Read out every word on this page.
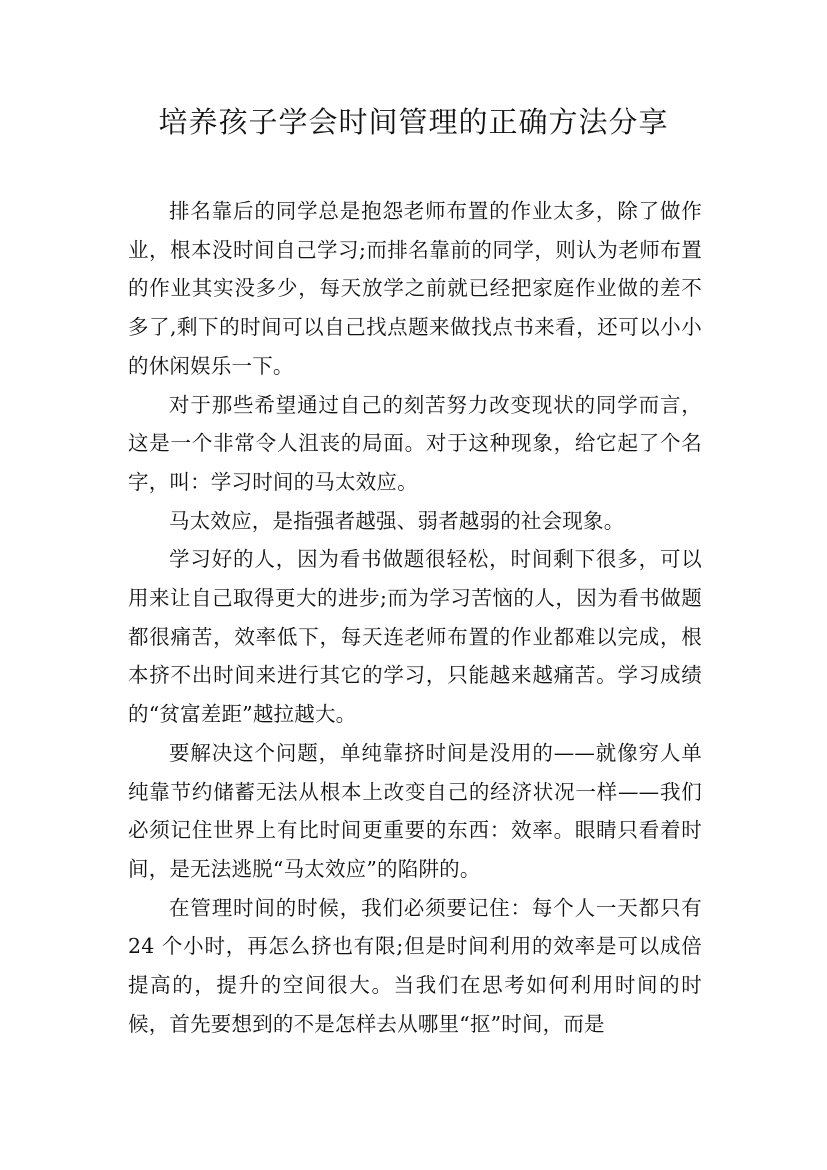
培养孩子学会时间管理的正确方法分享

排名靠后的同学总是抱怨老师布置的作业太多，除了做作业，根本没时间自己学习;而排名靠前的同学，则认为老师布置的作业其实没多少，每天放学之前就已经把家庭作业做的差不多了,剩下的时间可以自己找点题来做找点书来看，还可以小小的休闲娱乐一下。

对于那些希望通过自己的刻苦努力改变现状的同学而言，这是一个非常令人沮丧的局面。对于这种现象，给它起了个名字，叫：学习时间的马太效应。

马太效应，是指强者越强、弱者越弱的社会现象。

学习好的人，因为看书做题很轻松，时间剩下很多，可以用来让自己取得更大的进步;而为学习苦恼的人，因为看书做题都很痛苦，效率低下，每天连老师布置的作业都难以完成，根本挤不出时间来进行其它的学习，只能越来越痛苦。学习成绩的“贫富差距”越拉越大。

要解决这个问题，单纯靠挤时间是没用的——就像穷人单纯靠节约储蓄无法从根本上改变自己的经济状况一样——我们必须记住世界上有比时间更重要的东西：效率。眼睛只看着时间，是无法逃脱“马太效应”的陷阱的。

在管理时间的时候，我们必须要记住：每个人一天都只有 24 个小时，再怎么挤也有限;但是时间利用的效率是可以成倍提高的，提升的空间很大。当我们在思考如何利用时间的时候，首先要想到的不是怎样去从哪里“抠”时间，而是
